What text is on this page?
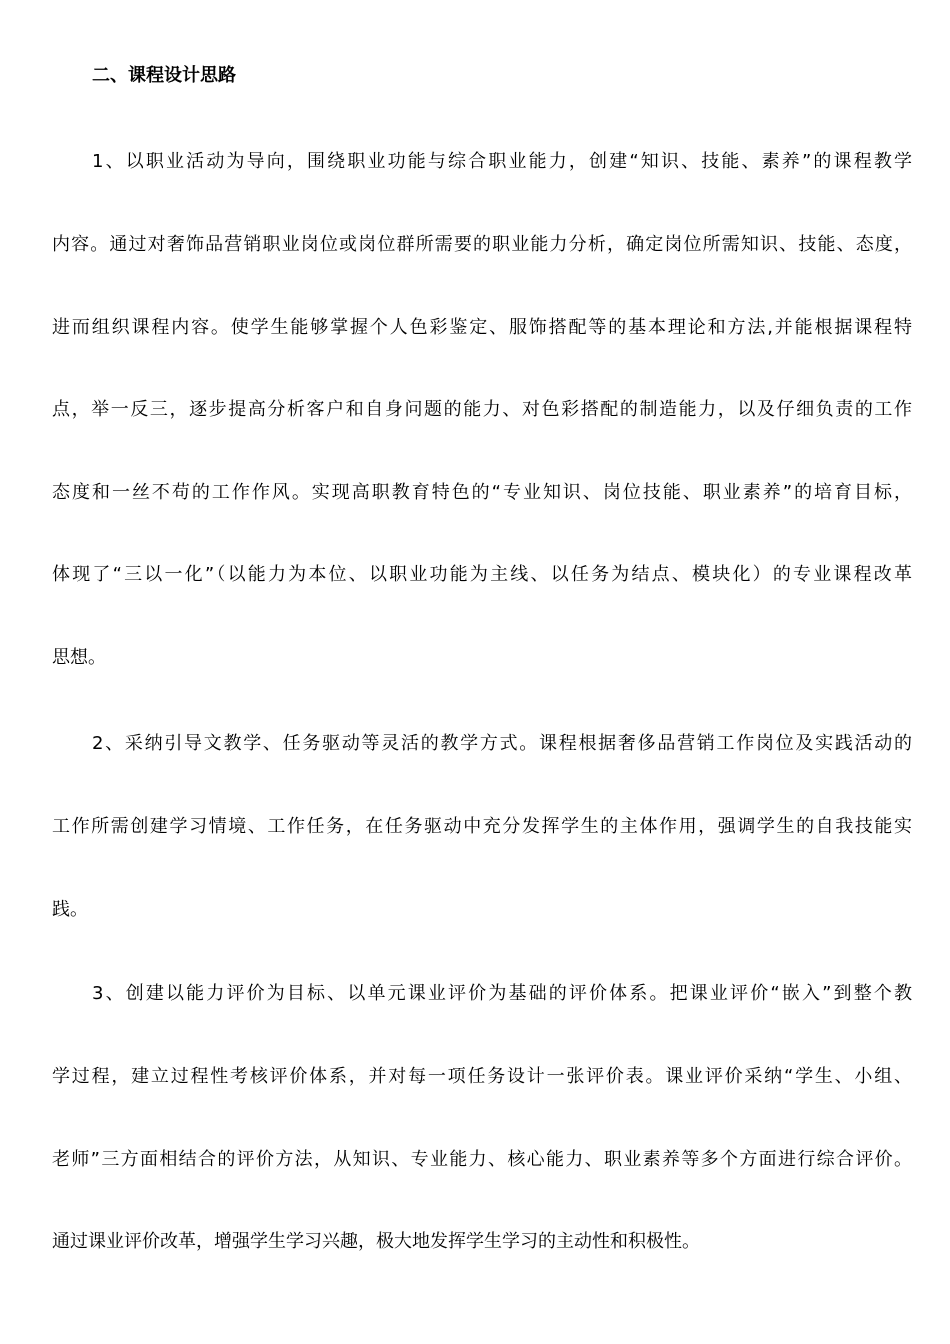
二、课程设计思路
1、以职业活动为导向，围绕职业功能与综合职业能力，创建“知识、技能、素养”的课程教学
内容。通过对奢饰品营销职业岗位或岗位群所需要的职业能力分析，确定岗位所需知识、技能、态度，
进而组织课程内容。使学生能够掌握个人色彩鉴定、服饰搭配等的基本理论和方法,并能根据课程特
点，举一反三，逐步提高分析客户和自身问题的能力、对色彩搭配的制造能力，以及仔细负责的工作
态度和一丝不苟的工作作风。实现高职教育特色的“专业知识、岗位技能、职业素养”的培育目标，
体现了“三以一化”（以能力为本位、以职业功能为主线、以任务为结点、模块化）的专业课程改革
思想。
2、采纳引导文教学、任务驱动等灵活的教学方式。课程根据奢侈品营销工作岗位及实践活动的
工作所需创建学习情境、工作任务，在任务驱动中充分发挥学生的主体作用，强调学生的自我技能实
践。
3、创建以能力评价为目标、以单元课业评价为基础的评价体系。把课业评价“嵌入”到整个教
学过程，建立过程性考核评价体系，并对每一项任务设计一张评价表。课业评价采纳“学生、小组、
老师”三方面相结合的评价方法，从知识、专业能力、核心能力、职业素养等多个方面进行综合评价。
通过课业评价改革，增强学生学习兴趣，极大地发挥学生学习的主动性和积极性。
